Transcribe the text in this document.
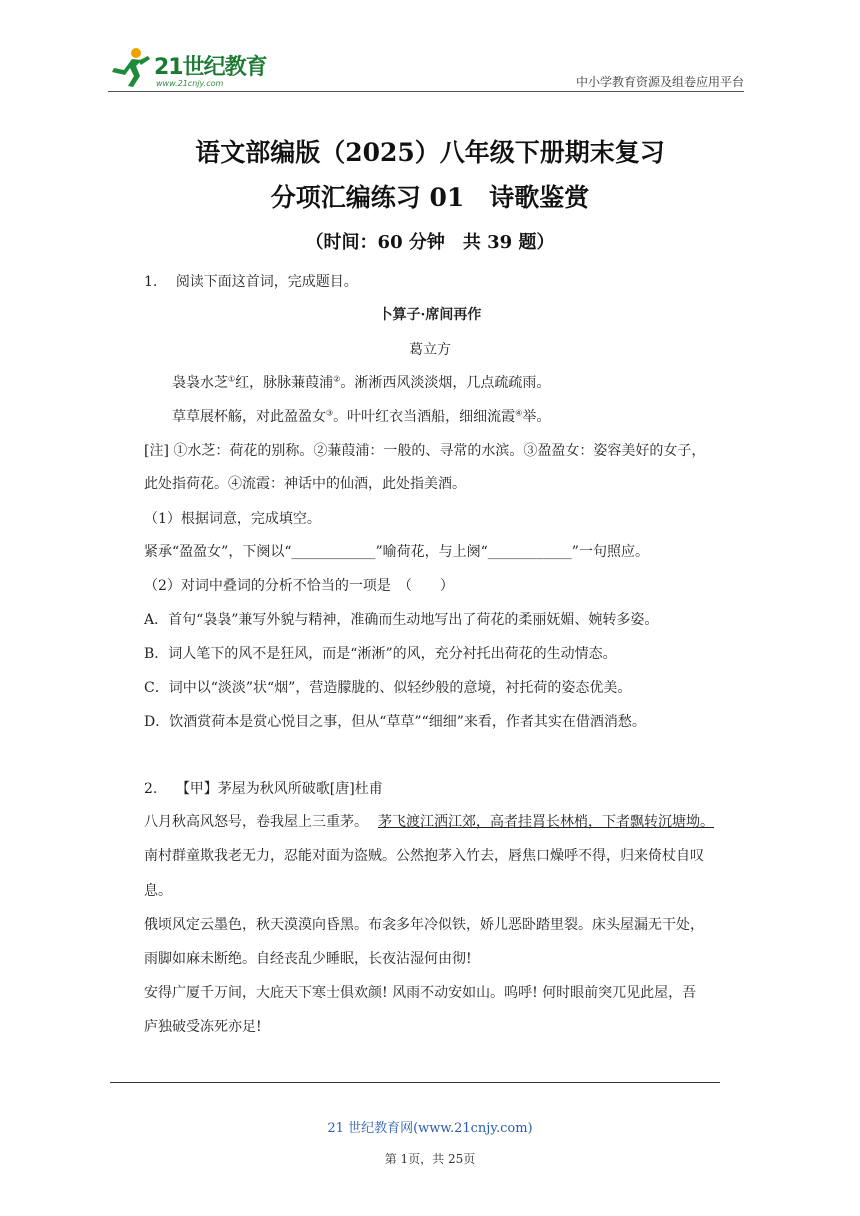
21世纪教育
www.21cnjy.com	中小学教育资源及组卷应用平台
语文部编版（2025）八年级下册期末复习
分项汇编练习 01　诗歌鉴赏
（时间：60 分钟　共 39 题）
1. 阅读下面这首词，完成题目。
卜算子·席间再作
葛立方
袅袅水芝①红，脉脉蒹葭浦②。淅淅西风淡淡烟，几点疏疏雨。
草草展杯觞，对此盈盈女③。叶叶红衣当酒船，细细流霞④举。
[注] ①水芝：荷花的别称。②蒹葭浦：一般的、寻常的水滨。③盈盈女：姿容美好的女子，
此处指荷花。④流霞：神话中的仙酒，此处指美酒。
（1）根据词意，完成填空。
紧承“盈盈女”，下阕以“____________”喻荷花，与上阕“____________”一句照应。
（2）对词中叠词的分析不恰当的一项是　（　　）
A．首句“袅袅”兼写外貌与精神，准确而生动地写出了荷花的柔丽妩媚、婉转多姿。
B．词人笔下的风不是狂风，而是“淅淅”的风，充分衬托出荷花的生动情态。
C．词中以“淡淡”状“烟”，营造朦胧的、似轻纱般的意境，衬托荷的姿态优美。
D．饮酒赏荷本是赏心悦目之事，但从“草草”“细细”来看，作者其实在借酒消愁。
2. 【甲】茅屋为秋风所破歌[唐]杜甫
八月秋高风怒号，卷我屋上三重茅。 茅飞渡江洒江郊，高者挂罥长林梢，下者飘转沉塘坳。
南村群童欺我老无力，忍能对面为盗贼。公然抱茅入竹去，唇焦口燥呼不得，归来倚杖自叹
息。
俄顷风定云墨色，秋天漠漠向昏黑。布衾多年冷似铁，娇儿恶卧踏里裂。床头屋漏无干处，
雨脚如麻未断绝。自经丧乱少睡眠，长夜沾湿何由彻!
安得广厦千万间，大庇天下寒士俱欢颜! 风雨不动安如山。呜呼! 何时眼前突兀见此屋，吾
庐独破受冻死亦足!
21 世纪教育网(www.21cnjy.com)
第 1页，共 25页
